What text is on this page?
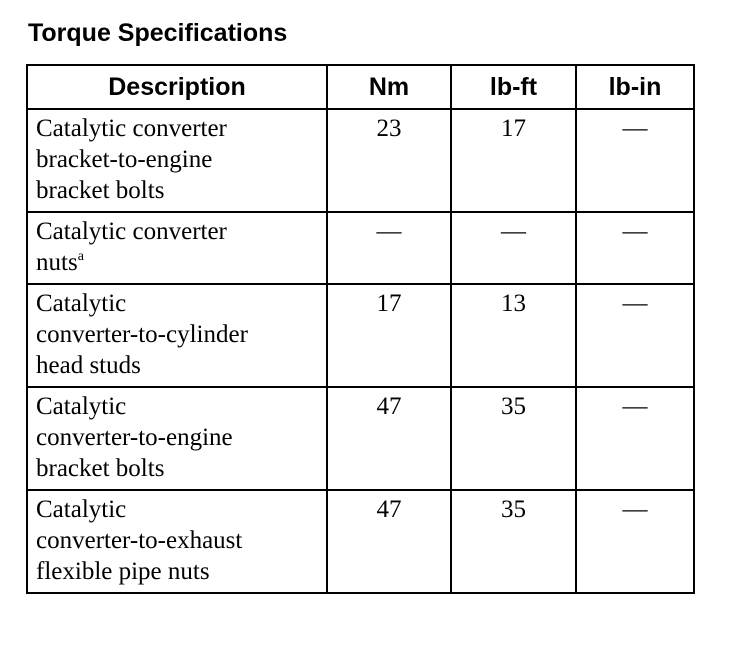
Torque Specifications
Description	Nm	lb-ft	lb-in

Catalytic converter
bracket-to-engine
bracket bolts	23	17	—

Catalytic converter
nuts$^a$	—	—	—

Catalytic
converter-to-cylinder
head studs	17	13	—

Catalytic
converter-to-engine
bracket bolts	47	35	—

Catalytic
converter-to-exhaust
flexible pipe nuts	47	35	—
